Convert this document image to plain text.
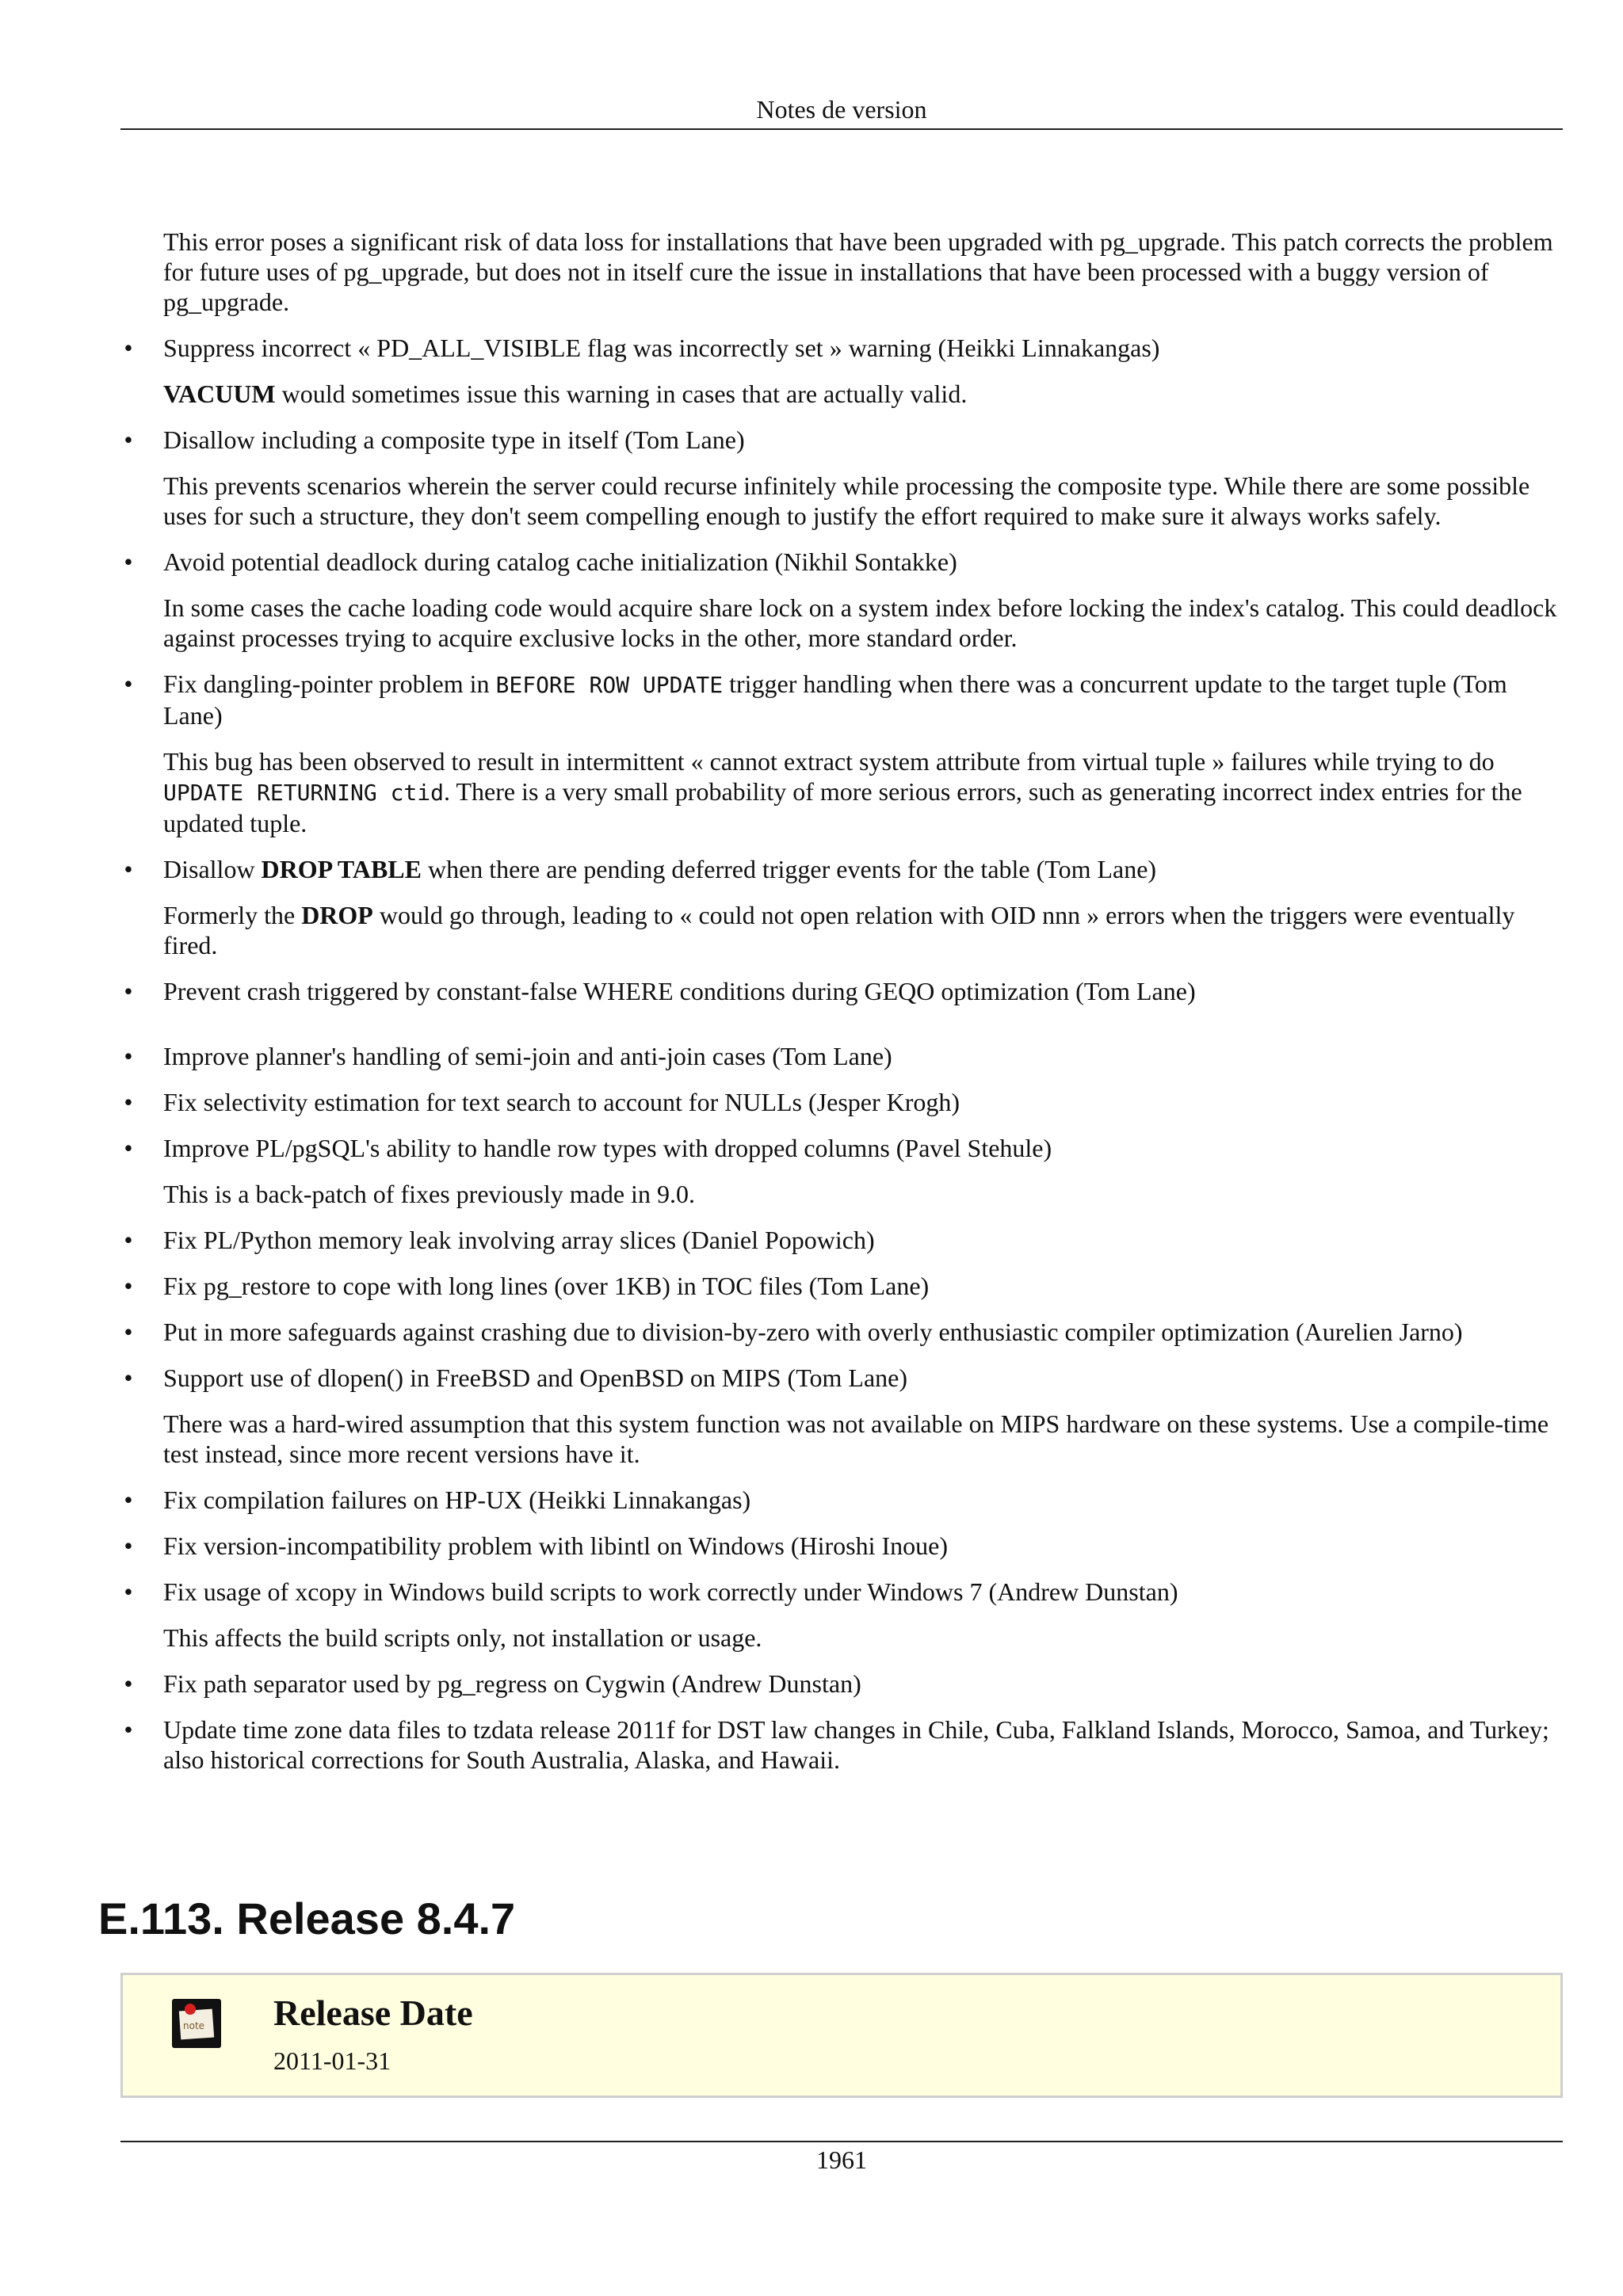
Notes de version

This error poses a significant risk of data loss for installations that have been upgraded with pg_upgrade. This patch corrects the problem for future uses of pg_upgrade, but does not in itself cure the issue in installations that have been processed with a buggy version of pg_upgrade.

• Suppress incorrect « PD_ALL_VISIBLE flag was incorrectly set » warning (Heikki Linnakangas)

VACUUM would sometimes issue this warning in cases that are actually valid.

• Disallow including a composite type in itself (Tom Lane)

This prevents scenarios wherein the server could recurse infinitely while processing the composite type. While there are some possible uses for such a structure, they don't seem compelling enough to justify the effort required to make sure it always works safely.

• Avoid potential deadlock during catalog cache initialization (Nikhil Sontakke)

In some cases the cache loading code would acquire share lock on a system index before locking the index's catalog. This could deadlock against processes trying to acquire exclusive locks in the other, more standard order.

• Fix dangling-pointer problem in BEFORE ROW UPDATE trigger handling when there was a concurrent update to the target tuple (Tom Lane)

This bug has been observed to result in intermittent « cannot extract system attribute from virtual tuple » failures while trying to do UPDATE RETURNING ctid. There is a very small probability of more serious errors, such as generating incorrect index entries for the updated tuple.

• Disallow DROP TABLE when there are pending deferred trigger events for the table (Tom Lane)

Formerly the DROP would go through, leading to « could not open relation with OID nnn » errors when the triggers were eventually fired.

• Prevent crash triggered by constant-false WHERE conditions during GEQO optimization (Tom Lane)
• Improve planner's handling of semi-join and anti-join cases (Tom Lane)
• Fix selectivity estimation for text search to account for NULLs (Jesper Krogh)
• Improve PL/pgSQL's ability to handle row types with dropped columns (Pavel Stehule)

This is a back-patch of fixes previously made in 9.0.

• Fix PL/Python memory leak involving array slices (Daniel Popowich)
• Fix pg_restore to cope with long lines (over 1KB) in TOC files (Tom Lane)
• Put in more safeguards against crashing due to division-by-zero with overly enthusiastic compiler optimization (Aurelien Jarno)
• Support use of dlopen() in FreeBSD and OpenBSD on MIPS (Tom Lane)

There was a hard-wired assumption that this system function was not available on MIPS hardware on these systems. Use a compile-time test instead, since more recent versions have it.

• Fix compilation failures on HP-UX (Heikki Linnakangas)
• Fix version-incompatibility problem with libintl on Windows (Hiroshi Inoue)
• Fix usage of xcopy in Windows build scripts to work correctly under Windows 7 (Andrew Dunstan)

This affects the build scripts only, not installation or usage.

• Fix path separator used by pg_regress on Cygwin (Andrew Dunstan)
• Update time zone data files to tzdata release 2011f for DST law changes in Chile, Cuba, Falkland Islands, Morocco, Samoa, and Turkey; also historical corrections for South Australia, Alaska, and Hawaii.
E.113. Release 8.4.7
note Release Date
2011-01-31
1961
